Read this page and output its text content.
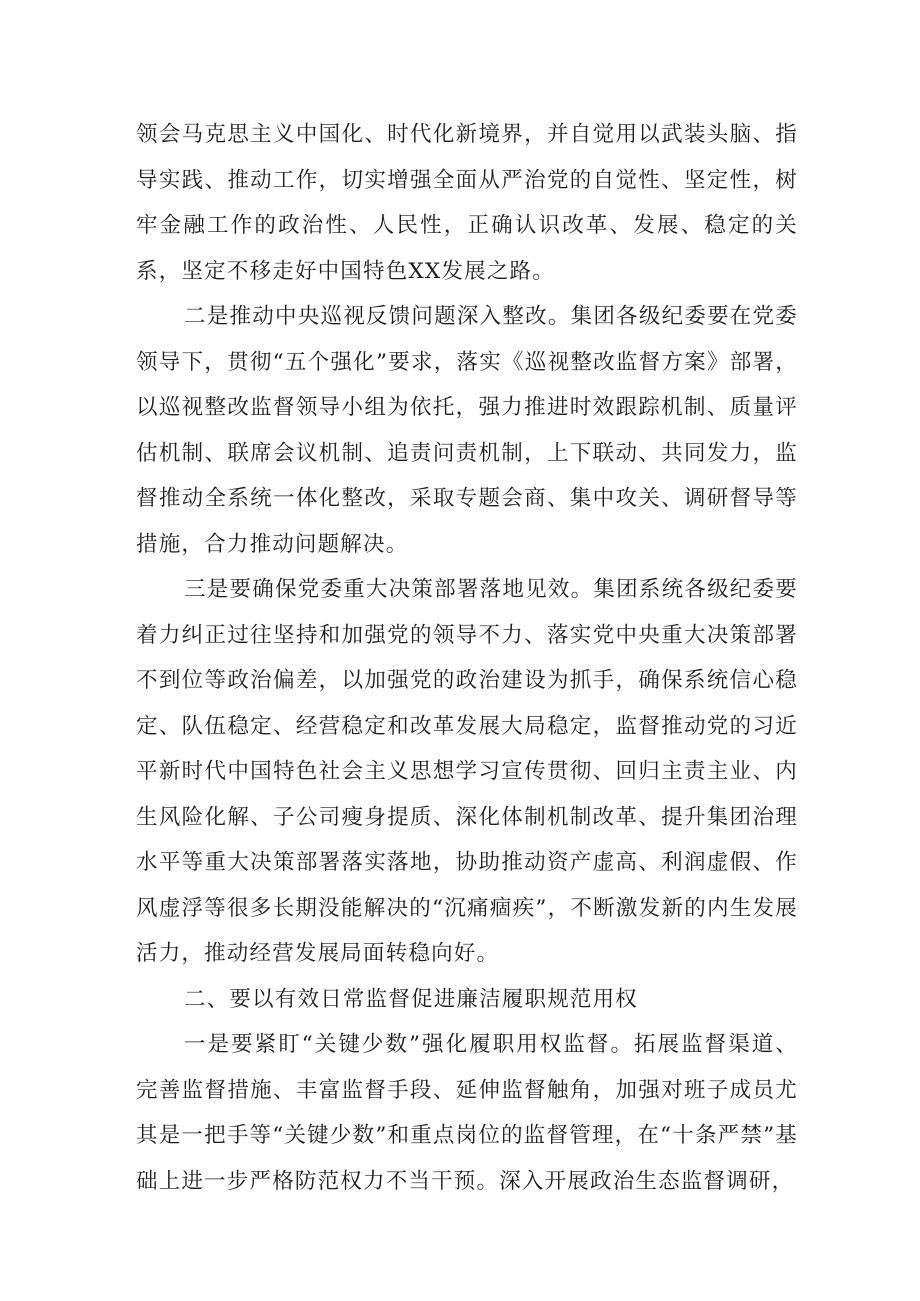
领会马克思主义中国化、时代化新境界，并自觉用以武装头脑、指导实践、推动工作，切实增强全面从严治党的自觉性、坚定性，树牢金融工作的政治性、人民性，正确认识改革、发展、稳定的关系，坚定不移走好中国特色XX发展之路。

二是推动中央巡视反馈问题深入整改。集团各级纪委要在党委领导下，贯彻“五个强化”要求，落实《巡视整改监督方案》部署，以巡视整改监督领导小组为依托，强力推进时效跟踪机制、质量评估机制、联席会议机制、追责问责机制，上下联动、共同发力，监督推动全系统一体化整改，采取专题会商、集中攻关、调研督导等措施，合力推动问题解决。

三是要确保党委重大决策部署落地见效。集团系统各级纪委要着力纠正过往坚持和加强党的领导不力、落实党中央重大决策部署不到位等政治偏差，以加强党的政治建设为抓手，确保系统信心稳定、队伍稳定、经营稳定和改革发展大局稳定，监督推动党的习近平新时代中国特色社会主义思想学习宣传贯彻、回归主责主业、内生风险化解、子公司瘦身提质、深化体制机制改革、提升集团治理水平等重大决策部署落实落地，协助推动资产虚高、利润虚假、作风虚浮等很多长期没能解决的“沉痛痼疾”，不断激发新的内生发展活力，推动经营发展局面转稳向好。

二、要以有效日常监督促进廉洁履职规范用权

一是要紧盯“关键少数”强化履职用权监督。拓展监督渠道、完善监督措施、丰富监督手段、延伸监督触角，加强对班子成员尤其是一把手等“关键少数”和重点岗位的监督管理，在“十条严禁”基础上进一步严格防范权力不当干预。深入开展政治生态监督调研，
